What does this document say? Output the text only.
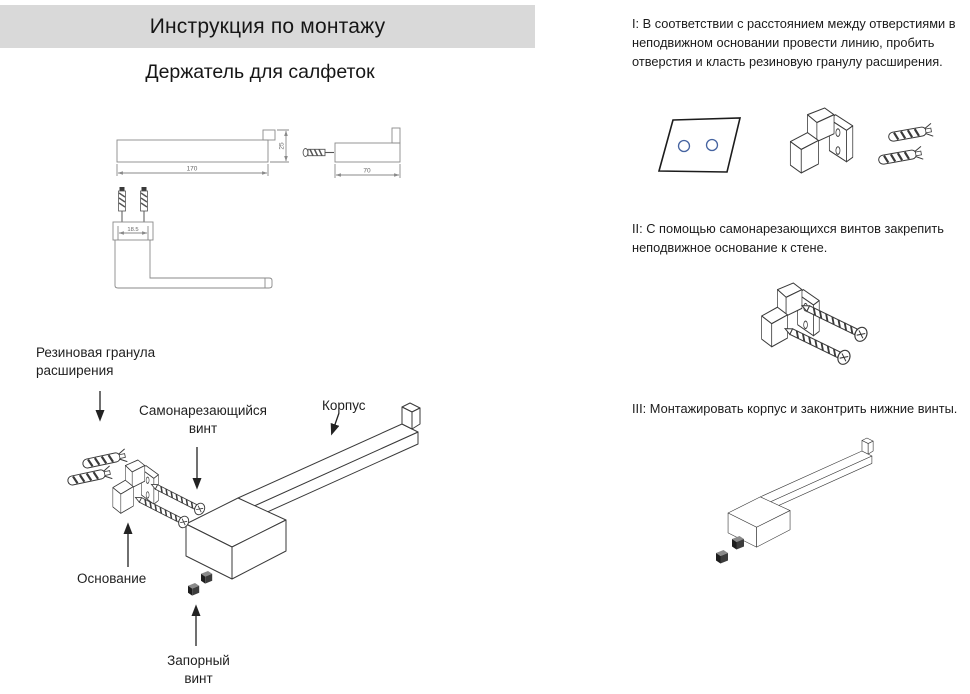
Инструкция по монтажу
Держатель для салфеток
170
25
70
18.5
Резиновая гранула расширения
Самонарезающийся винт
Корпус
Основание
Запорный винт
I: В соответствии с расстоянием между отверстиями в неподвижном основании провести линию, пробить отверстия и класть резиновую гранулу расширения.
II: С помощью самонарезающихся винтов закрепить неподвижное основание к стене.
III: Монтажировать корпус и законтрить нижние винты.
